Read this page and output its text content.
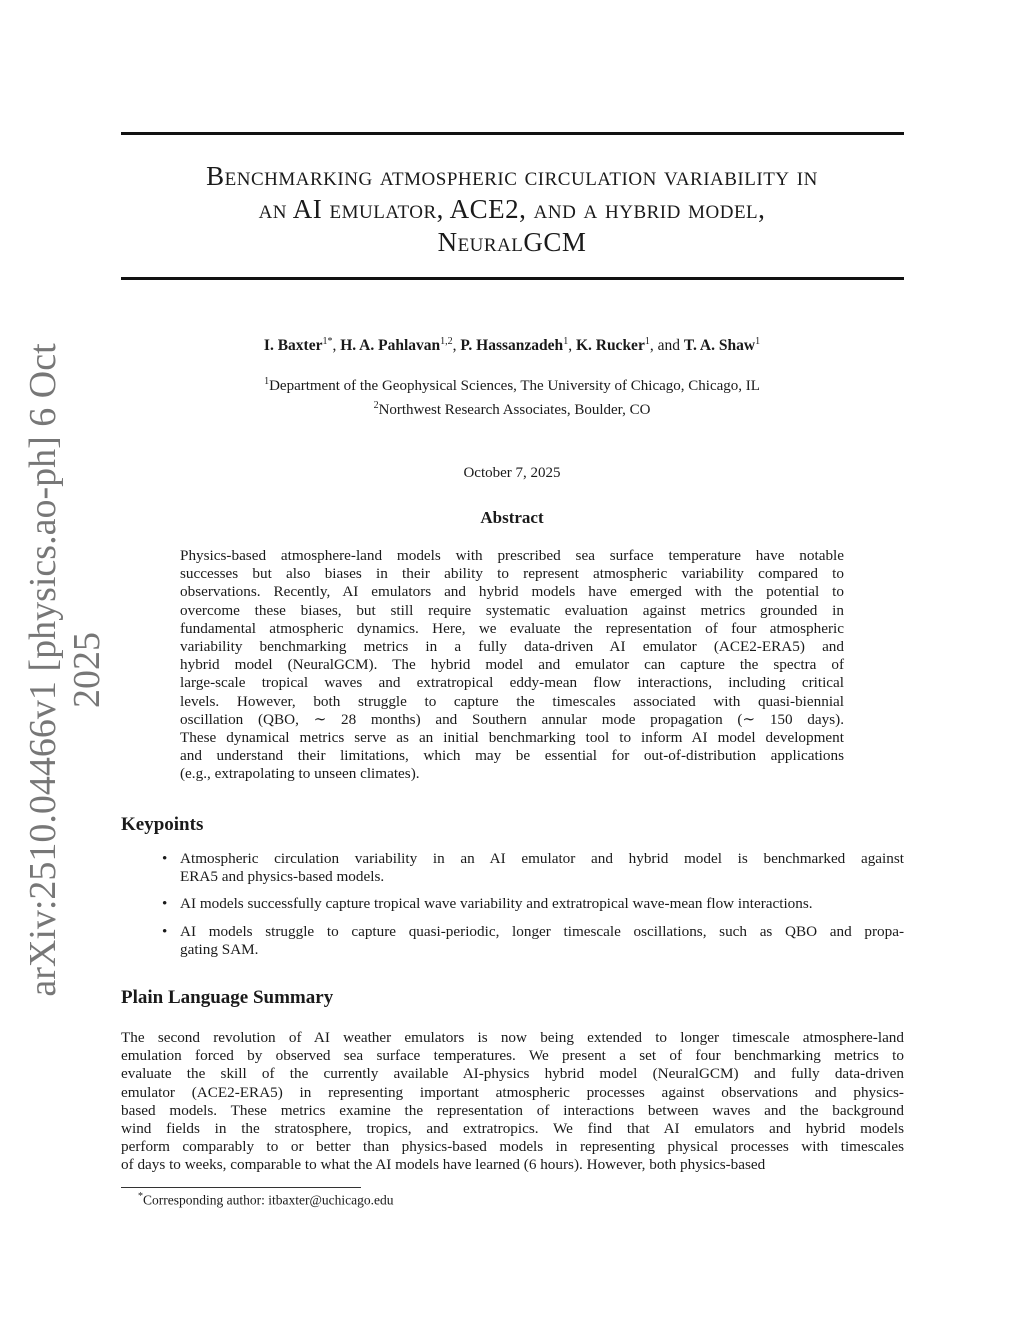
arXiv:2510.04466v1 [physics.ao-ph] 6 Oct 2025
Benchmarking atmospheric circulation variability in
an AI emulator, ACE2, and a hybrid model,
NeuralGCM
I. Baxter$^{1*}$, H. A. Pahlavan$^{1,2}$, P. Hassanzadeh$^1$, K. Rucker$^1$, and T. A. Shaw$^1$
$^1$Department of the Geophysical Sciences, The University of Chicago, Chicago, IL
$^2$Northwest Research Associates, Boulder, CO
October 7, 2025
Abstract
Physics-based atmosphere-land models with prescribed sea surface temperature have notable
successes but also biases in their ability to represent atmospheric variability compared to
observations. Recently, AI emulators and hybrid models have emerged with the potential to
overcome these biases, but still require systematic evaluation against metrics grounded in
fundamental atmospheric dynamics. Here, we evaluate the representation of four atmospheric
variability benchmarking metrics in a fully data-driven AI emulator (ACE2-ERA5) and
hybrid model (NeuralGCM). The hybrid model and emulator can capture the spectra of
large-scale tropical waves and extratropical eddy-mean flow interactions, including critical
levels. However, both struggle to capture the timescales associated with quasi-biennial
oscillation (QBO, ∼ 28 months) and Southern annular mode propagation (∼ 150 days).
These dynamical metrics serve as an initial benchmarking tool to inform AI model development
and understand their limitations, which may be essential for out-of-distribution applications
(e.g., extrapolating to unseen climates).
Keypoints
• Atmospheric circulation variability in an AI emulator and hybrid model is benchmarked against
ERA5 and physics-based models.
• AI models successfully capture tropical wave variability and extratropical wave-mean flow interactions.
• AI models struggle to capture quasi-periodic, longer timescale oscillations, such as QBO and propa-
gating SAM.
Plain Language Summary
The second revolution of AI weather emulators is now being extended to longer timescale atmosphere-land
emulation forced by observed sea surface temperatures. We present a set of four benchmarking metrics to
evaluate the skill of the currently available AI-physics hybrid model (NeuralGCM) and fully data-driven
emulator (ACE2-ERA5) in representing important atmospheric processes against observations and physics-
based models. These metrics examine the representation of interactions between waves and the background
wind fields in the stratosphere, tropics, and extratropics. We find that AI emulators and hybrid models
perform comparably to or better than physics-based models in representing physical processes with timescales
of days to weeks, comparable to what the AI models have learned (6 hours). However, both physics-based
*Corresponding author: itbaxter@uchicago.edu
